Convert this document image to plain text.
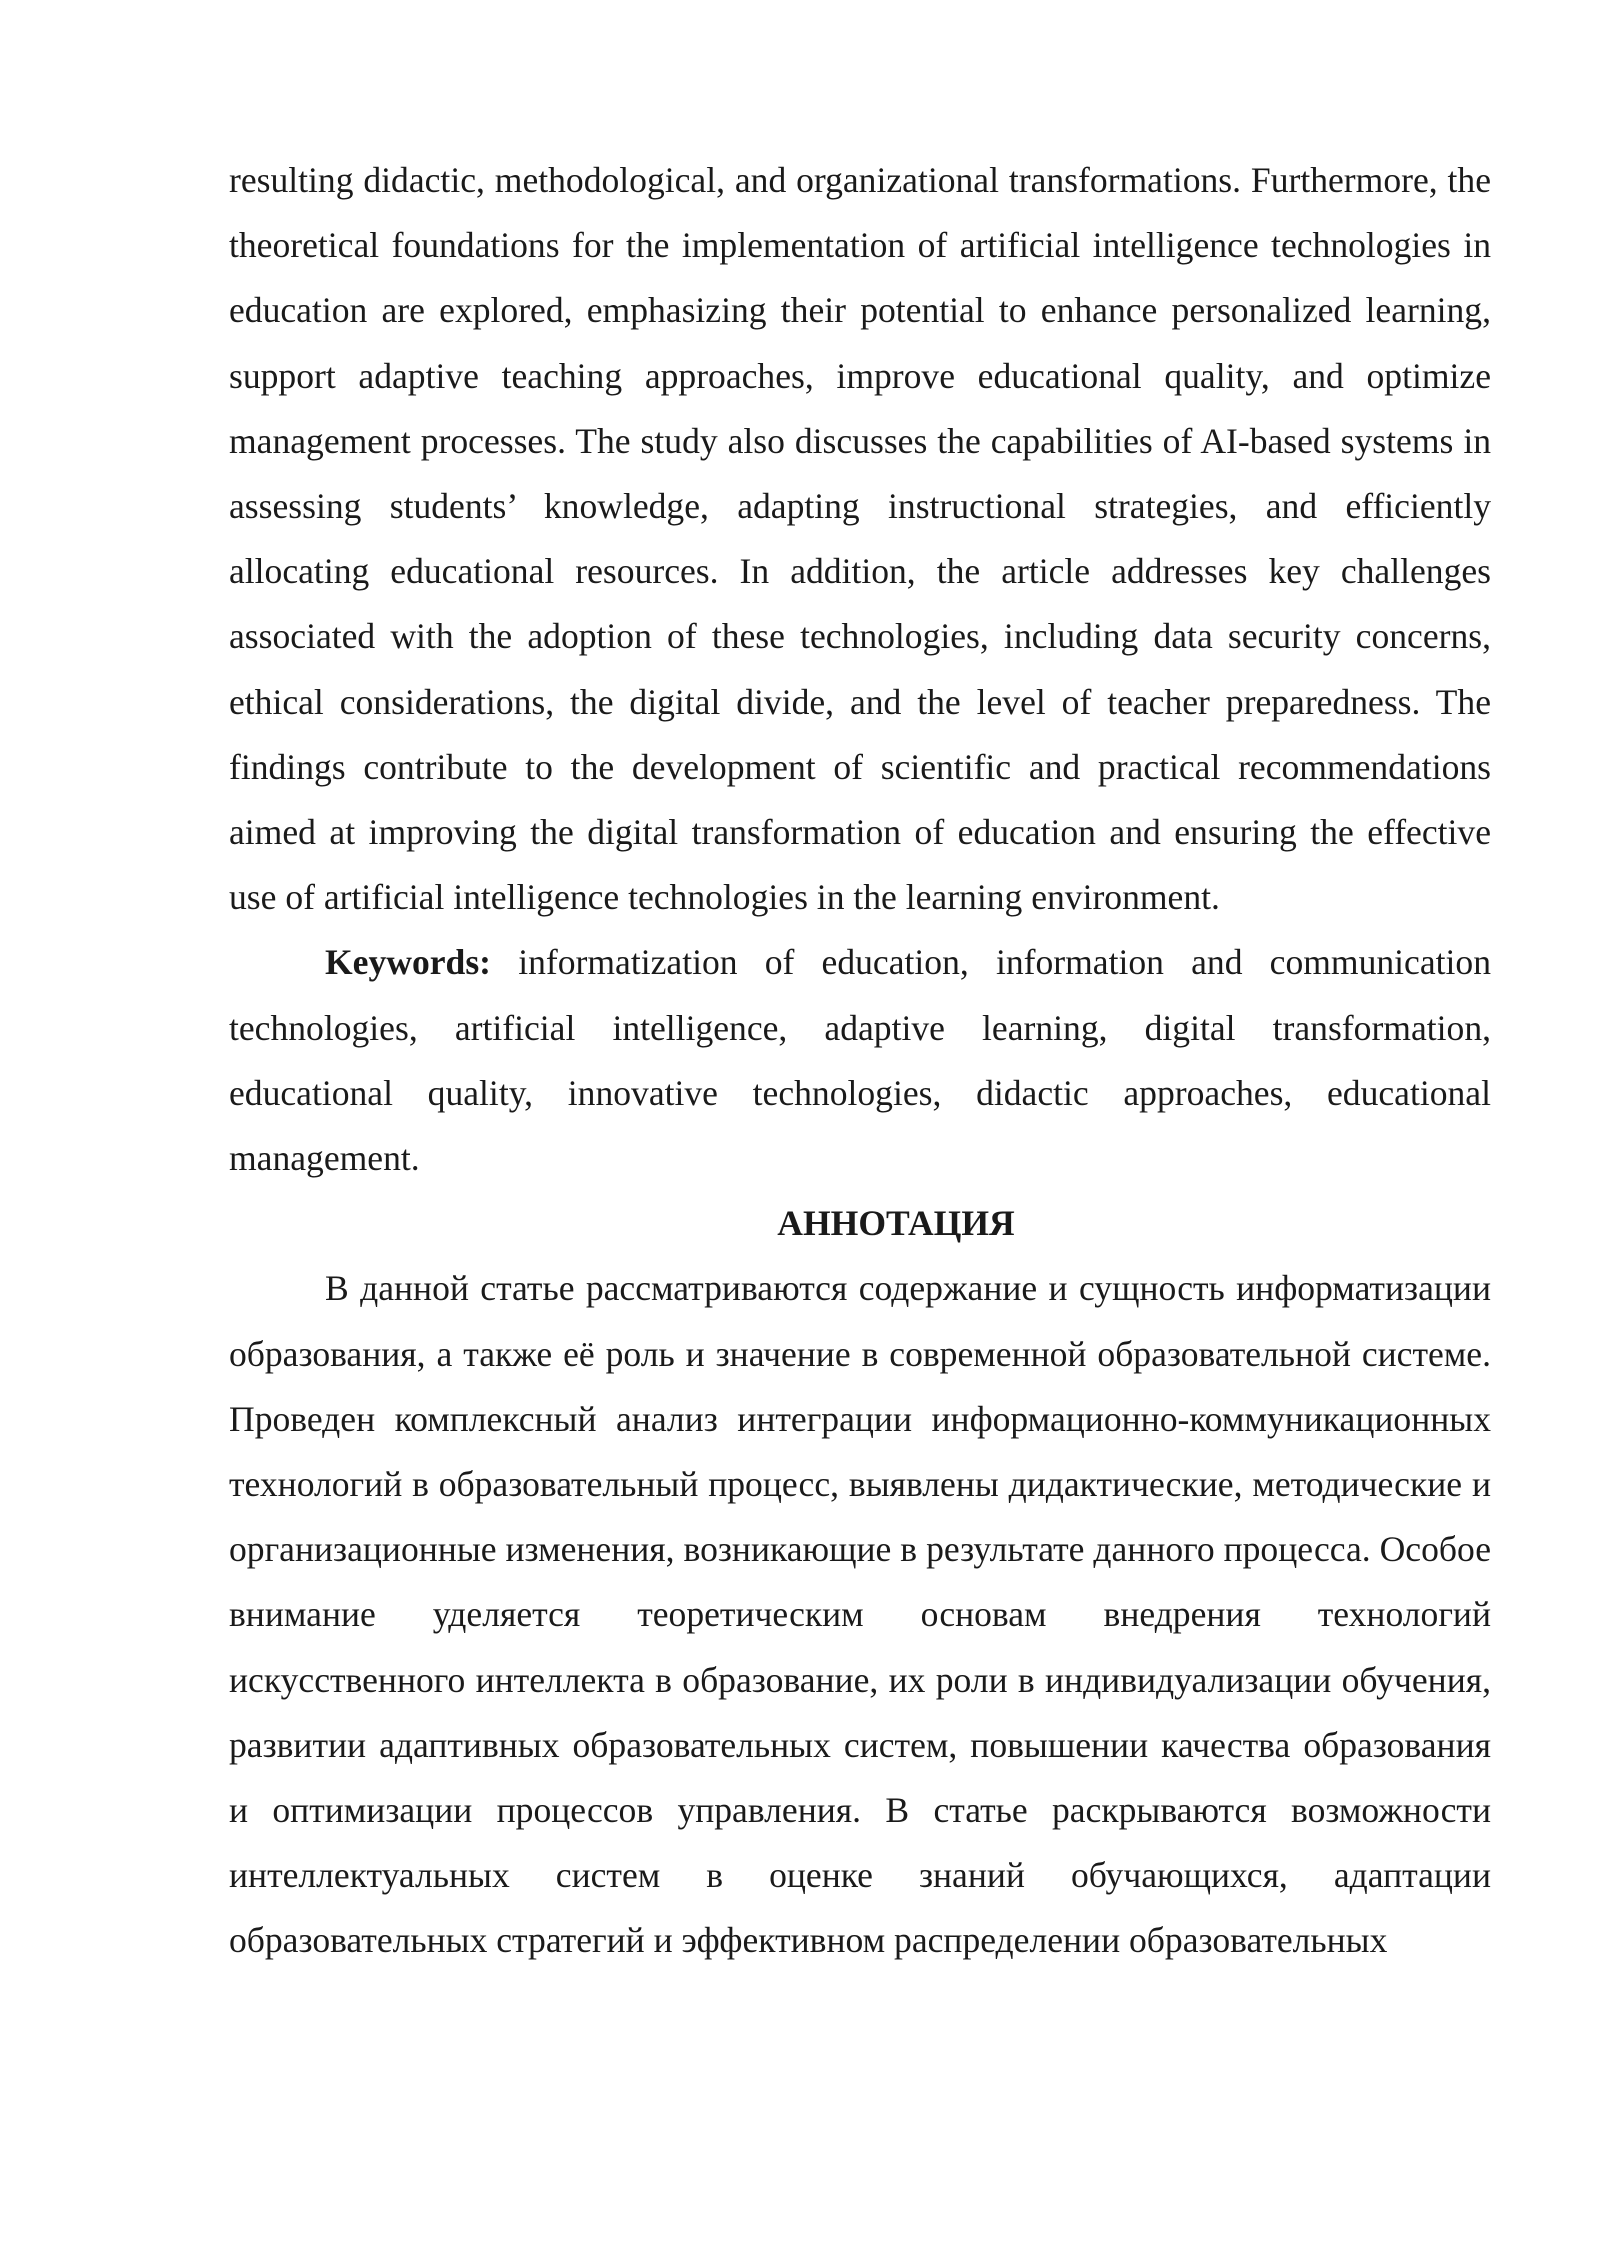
resulting didactic, methodological, and organizational transformations. Furthermore, the theoretical foundations for the implementation of artificial intelligence technologies in education are explored, emphasizing their potential to enhance personalized learning, support adaptive teaching approaches, improve educational quality, and optimize management processes. The study also discusses the capabilities of AI-based systems in assessing students’ knowledge, adapting instructional strategies, and efficiently allocating educational resources. In addition, the article addresses key challenges associated with the adoption of these technologies, including data security concerns, ethical considerations, the digital divide, and the level of teacher preparedness. The findings contribute to the development of scientific and practical recommendations aimed at improving the digital transformation of education and ensuring the effective use of artificial intelligence technologies in the learning environment.

Keywords: informatization of education, information and communication technologies, artificial intelligence, adaptive learning, digital transformation, educational quality, innovative technologies, didactic approaches, educational management.

АННОТАЦИЯ

В данной статье рассматриваются содержание и сущность информатизации образования, а также её роль и значение в современной образовательной системе. Проведен комплексный анализ интеграции информационно-коммуникационных технологий в образовательный процесс, выявлены дидактические, методические и организационные изменения, возникающие в результате данного процесса. Особое внимание уделяется теоретическим основам внедрения технологий искусственного интеллекта в образование, их роли в индивидуализации обучения, развитии адаптивных образовательных систем, повышении качества образования и оптимизации процессов управления. В статье раскрываются возможности интеллектуальных систем в оценке знаний обучающихся, адаптации образовательных стратегий и эффективном распределении образовательных
